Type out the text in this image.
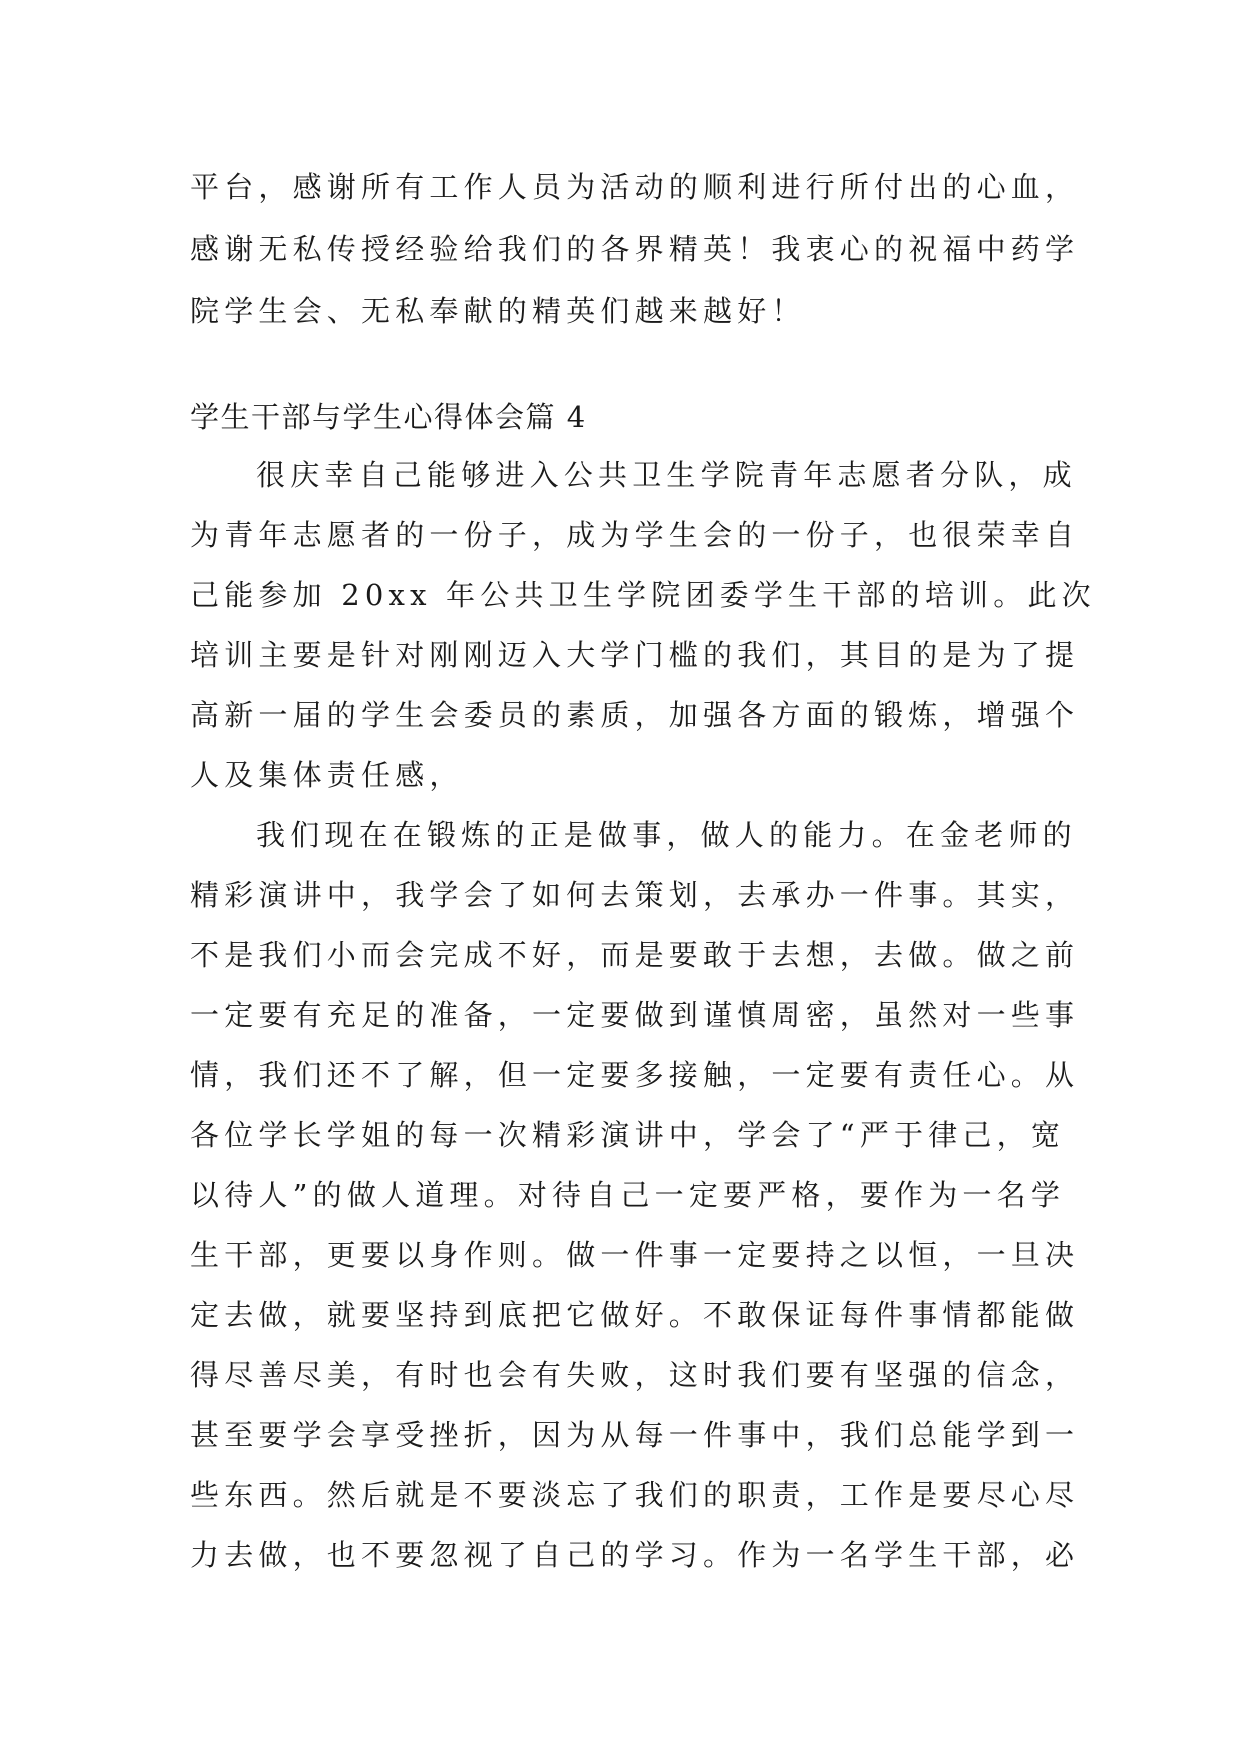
平台，感谢所有工作人员为活动的顺利进行所付出的心血，
感谢无私传授经验给我们的各界精英！我衷心的祝福中药学
院学生会、无私奉献的精英们越来越好！
学生干部与学生心得体会篇 4
很庆幸自己能够进入公共卫生学院青年志愿者分队，成
为青年志愿者的一份子，成为学生会的一份子，也很荣幸自
己能参加 20xx 年公共卫生学院团委学生干部的培训。此次
培训主要是针对刚刚迈入大学门槛的我们，其目的是为了提
高新一届的学生会委员的素质，加强各方面的锻炼，增强个
人及集体责任感，
我们现在在锻炼的正是做事，做人的能力。在金老师的
精彩演讲中，我学会了如何去策划，去承办一件事。其实，
不是我们小而会完成不好，而是要敢于去想，去做。做之前
一定要有充足的准备，一定要做到谨慎周密，虽然对一些事
情，我们还不了解，但一定要多接触，一定要有责任心。从
各位学长学姐的每一次精彩演讲中，学会了“严于律己，宽
以待人”的做人道理。对待自己一定要严格，要作为一名学
生干部，更要以身作则。做一件事一定要持之以恒，一旦决
定去做，就要坚持到底把它做好。不敢保证每件事情都能做
得尽善尽美，有时也会有失败，这时我们要有坚强的信念，
甚至要学会享受挫折，因为从每一件事中，我们总能学到一
些东西。然后就是不要淡忘了我们的职责，工作是要尽心尽
力去做，也不要忽视了自己的学习。作为一名学生干部，必
